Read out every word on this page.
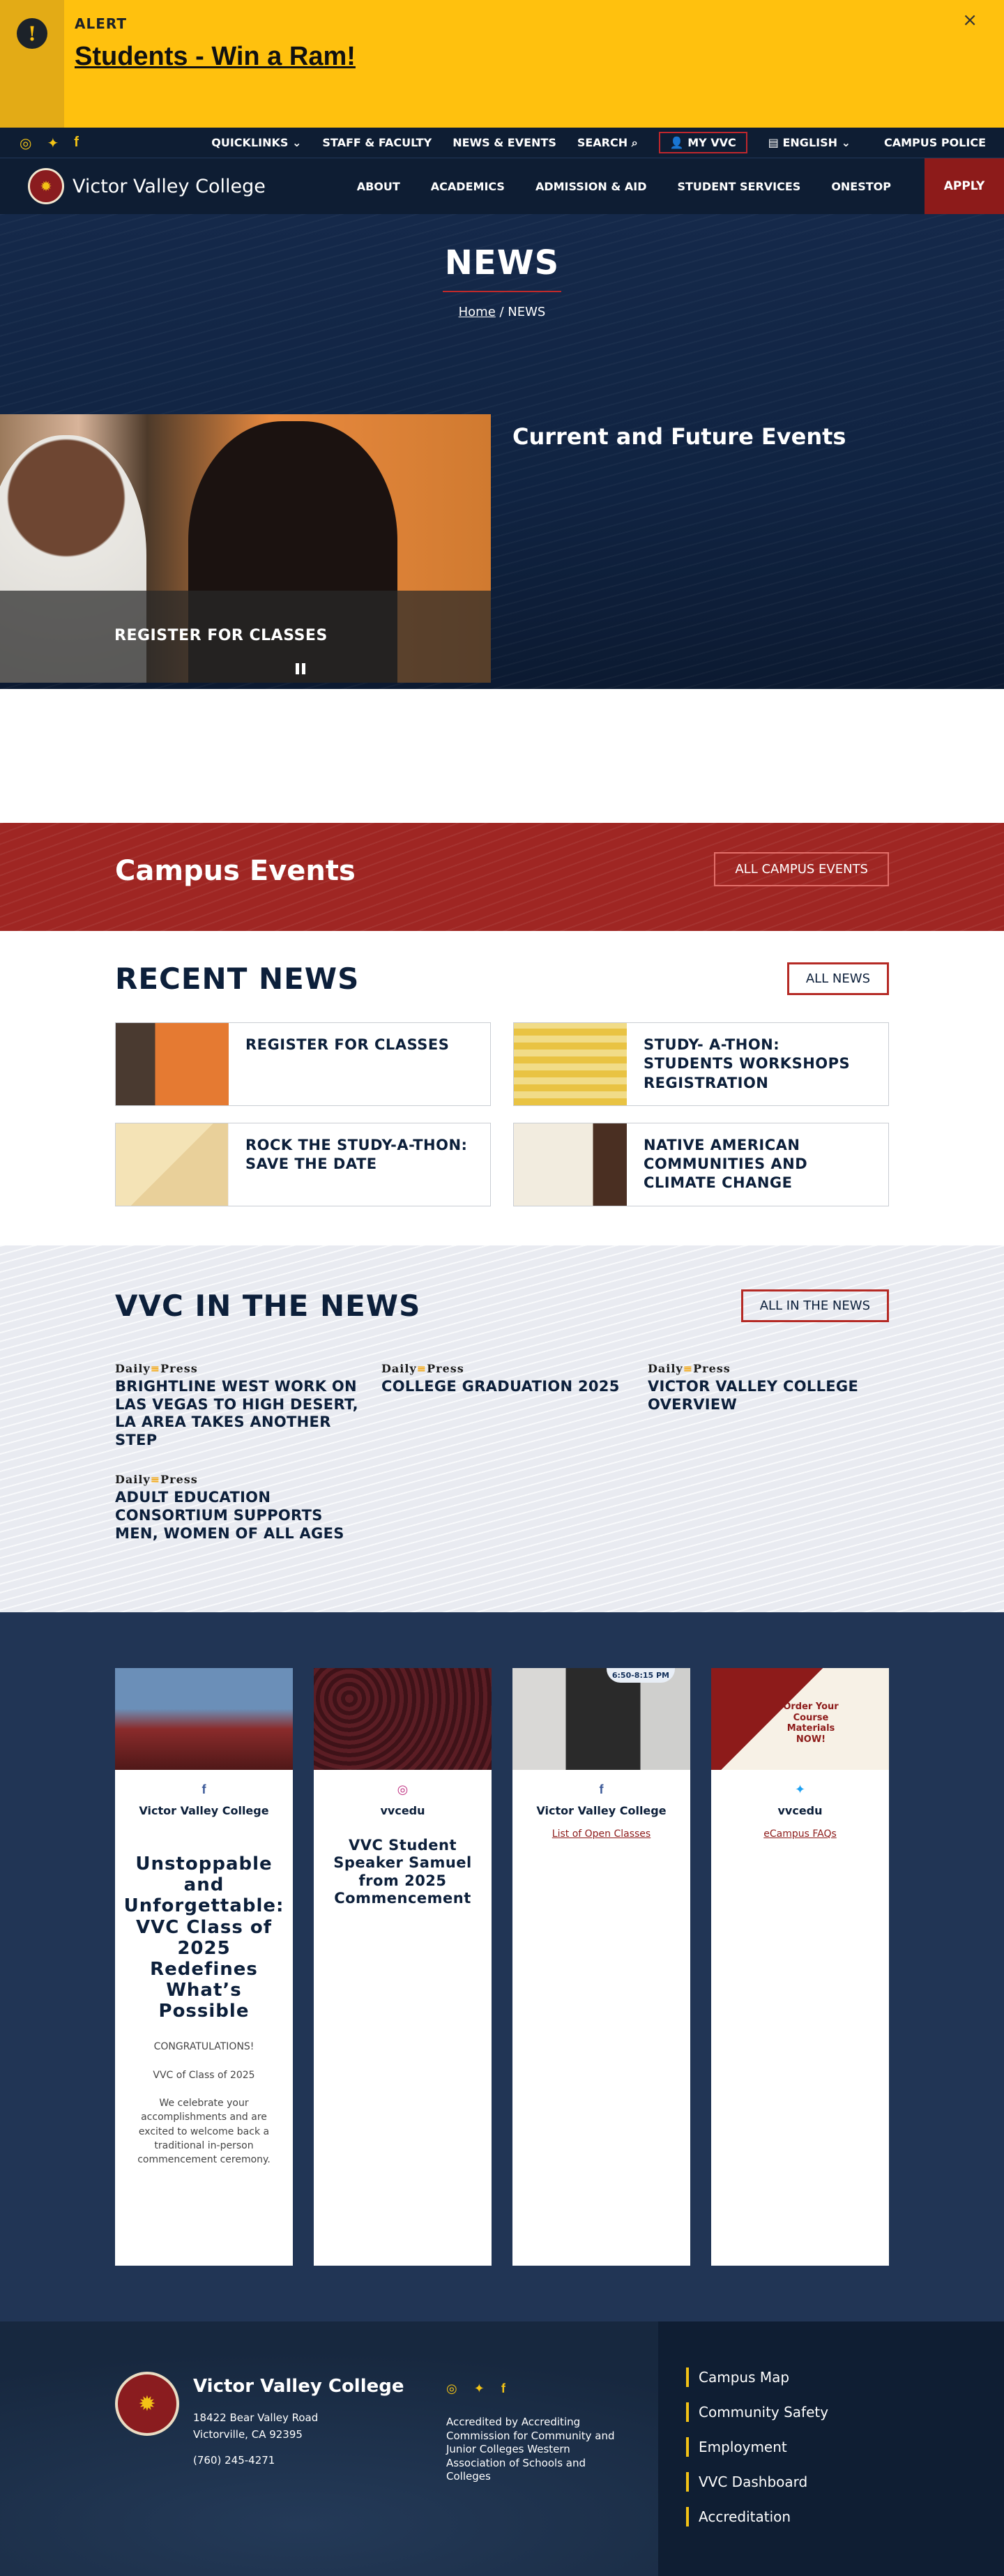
!	ALERT
Students - Win a Ram!
×
◎ ✦ f	QUICKLINKS ⌄ STAFF & FACULTY NEWS & EVENTS SEARCH ⌕	👤 MY VVC	▤ ENGLISH ⌄	CAMPUS POLICE
✹	Victor Valley College	ABOUT	ACADEMICS	ADMISSION & AID	STUDENT SERVICES	ONESTOP	APPLY
NEWS
Home / NEWS
REGISTER FOR CLASSES
Current and Future Events
Campus Events	ALL CAMPUS EVENTS
RECENT NEWS	ALL NEWS
REGISTER FOR CLASSES	STUDY- A-THON: STUDENTS WORKSHOPS REGISTRATION
ROCK THE STUDY-A-THON: SAVE THE DATE
NATIVE AMERICAN COMMUNITIES AND CLIMATE CHANGE
VVC IN THE NEWS	ALL IN THE NEWS
Daily≡Press
BRIGHTLINE WEST WORK ON LAS VEGAS TO HIGH DESERT, LA AREA TAKES ANOTHER STEP
Daily≡Press
COLLEGE GRADUATION 2025
Daily≡Press
VICTOR VALLEY COLLEGE OVERVIEW
Daily≡Press
ADULT EDUCATION CONSORTIUM SUPPORTS MEN, WOMEN OF ALL AGES
f
Victor Valley College
Unstoppable and Unforgettable: VVC Class of 2025 Redefines What’s Possible
CONGRATULATIONS!
VVC of Class of 2025
We celebrate your accomplishments and are excited to welcome back a traditional in-person commencement ceremony.
◎
vvcedu
VVC Student Speaker Samuel from 2025 Commencement
6:50-8:15 PM
f
Victor Valley College
List of Open Classes
Order Your Course Materials NOW!
✦
vvcedu
eCampus FAQs
✹
Victor Valley College
18422 Bear Valley Road
Victorville, CA 92395
(760) 245-4271
◎ ✦ f
Accredited by Accrediting Commission for Community and Junior Colleges Western Association of Schools and Colleges
Campus Map
Community Safety
Employment
VVC Dashboard
Accreditation
